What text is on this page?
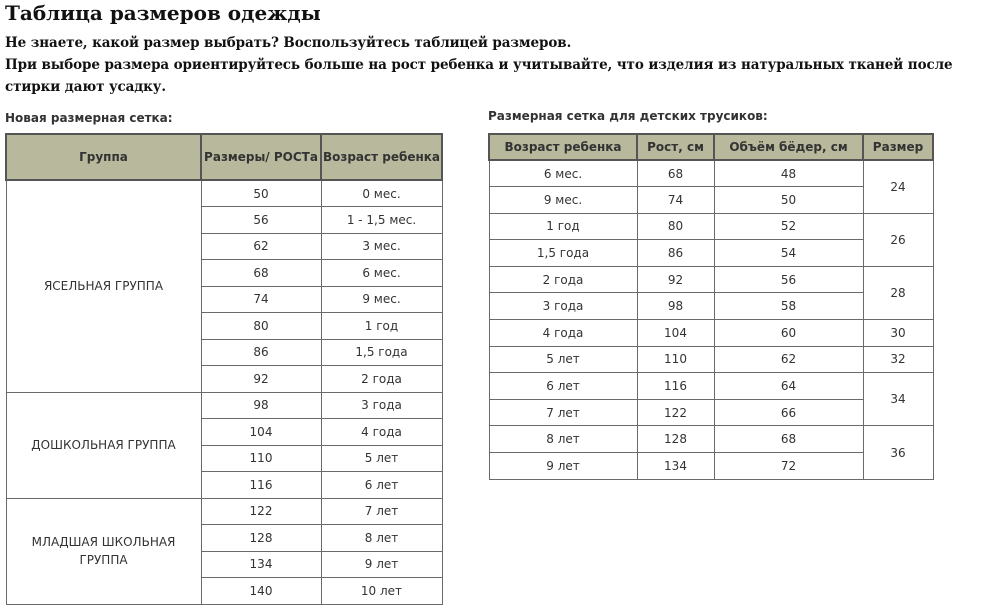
Таблица размеров одежды

Не знаете, какой размер выбрать? Воспользуйтесь таблицей размеров.

При выборе размера ориентируйтесь больше на рост ребенка и учитывайте, что изделия из натуральных тканей после стирки дают усадку.

Новая размерная сетка:	Размерная сетка для детских трусиков:
Группа	Размеры/ РОСТа	Возраст ребенка
ЯСЕЛЬНАЯ ГРУППА	50	0 мес.
	56	1 - 1,5 мес.
	62	3 мес.
	68	6 мес.
	74	9 мес.
	80	1 год
	86	1,5 года
	92	2 года
ДОШКОЛЬНАЯ ГРУППА	98	3 года
	104	4 года
	110	5 лет
	116	6 лет
МЛАДШАЯ ШКОЛЬНАЯ ГРУППА	122	7 лет
	128	8 лет
	134	9 лет
	140	10 лет
Возраст ребенка	Рост, см	Объём бёдер, см	Размер
6 мес.	68	48	24
9 мес.	74	50	
1 год	80	52	26
1,5 года	86	54	
2 года	92	56	28
3 года	98	58	
4 года	104	60	30
5 лет	110	62	32
6 лет	116	64	34
7 лет	122	66	
8 лет	128	68	36
9 лет	134	72	
